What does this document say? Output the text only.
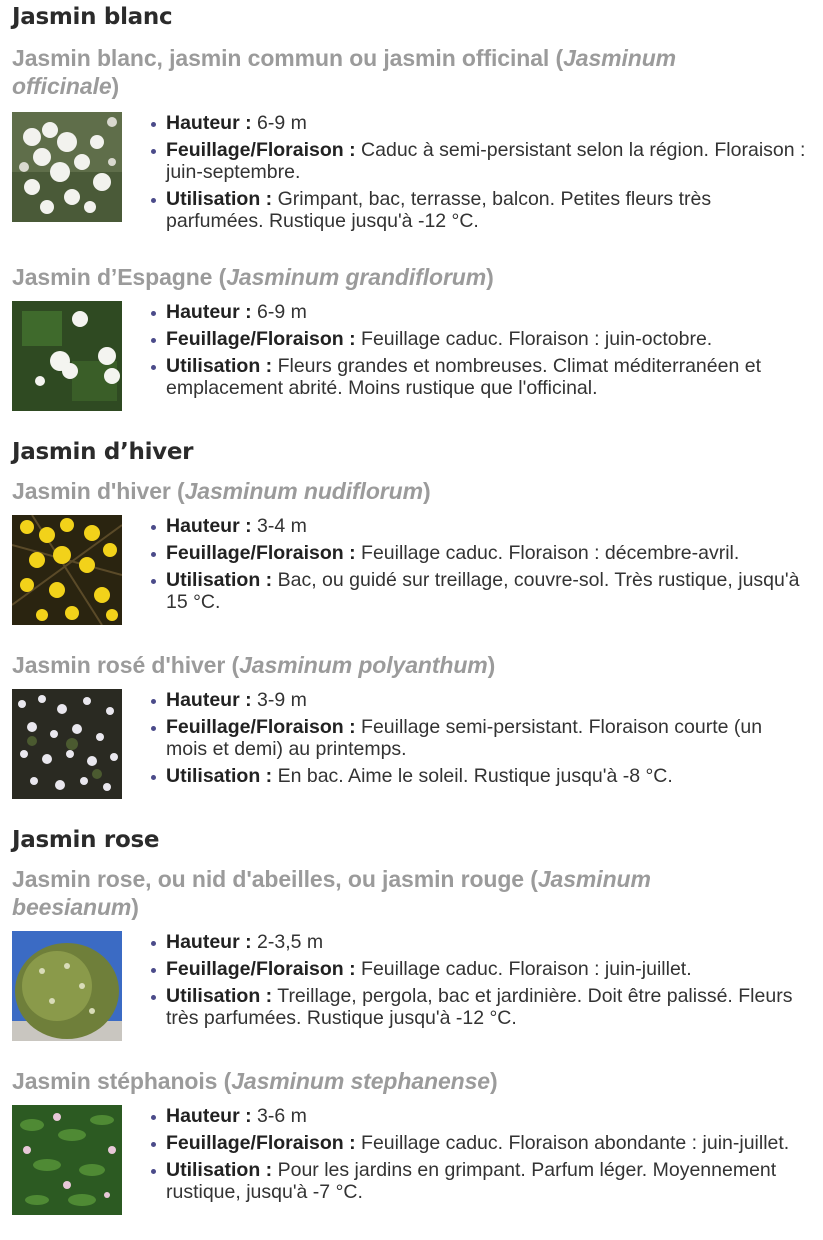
Jasmin blanc
Jasmin blanc, jasmin commun ou jasmin officinal (Jasminum officinale)
Hauteur : 6-9 m
Feuillage/Floraison : Caduc à semi-persistant selon la région. Floraison : juin-septembre.
Utilisation : Grimpant, bac, terrasse, balcon. Petites fleurs très parfumées. Rustique jusqu'à -12 °C.
Jasmin d’Espagne (Jasminum grandiflorum)
Hauteur : 6-9 m
Feuillage/Floraison : Feuillage caduc. Floraison : juin-octobre.
Utilisation : Fleurs grandes et nombreuses. Climat méditerranéen et emplacement abrité. Moins rustique que l'officinal.
Jasmin d’hiver
Jasmin d'hiver (Jasminum nudiflorum)
Hauteur : 3-4 m
Feuillage/Floraison : Feuillage caduc. Floraison : décembre-avril.
Utilisation : Bac, ou guidé sur treillage, couvre-sol. Très rustique, jusqu'à 15 °C.
Jasmin rosé d'hiver (Jasminum polyanthum)
Hauteur : 3-9 m
Feuillage/Floraison : Feuillage semi-persistant. Floraison courte (un mois et demi) au printemps.
Utilisation : En bac. Aime le soleil. Rustique jusqu'à -8 °C.
Jasmin rose
Jasmin rose, ou nid d'abeilles, ou jasmin rouge (Jasminum beesianum)
Hauteur : 2-3,5 m
Feuillage/Floraison : Feuillage caduc. Floraison : juin-juillet.
Utilisation : Treillage, pergola, bac et jardinière. Doit être palissé. Fleurs très parfumées. Rustique jusqu'à -12 °C.
Jasmin stéphanois (Jasminum stephanense)
Hauteur : 3-6 m
Feuillage/Floraison : Feuillage caduc. Floraison abondante : juin-juillet.
Utilisation : Pour les jardins en grimpant. Parfum léger. Moyennement rustique, jusqu'à -7 °C.
